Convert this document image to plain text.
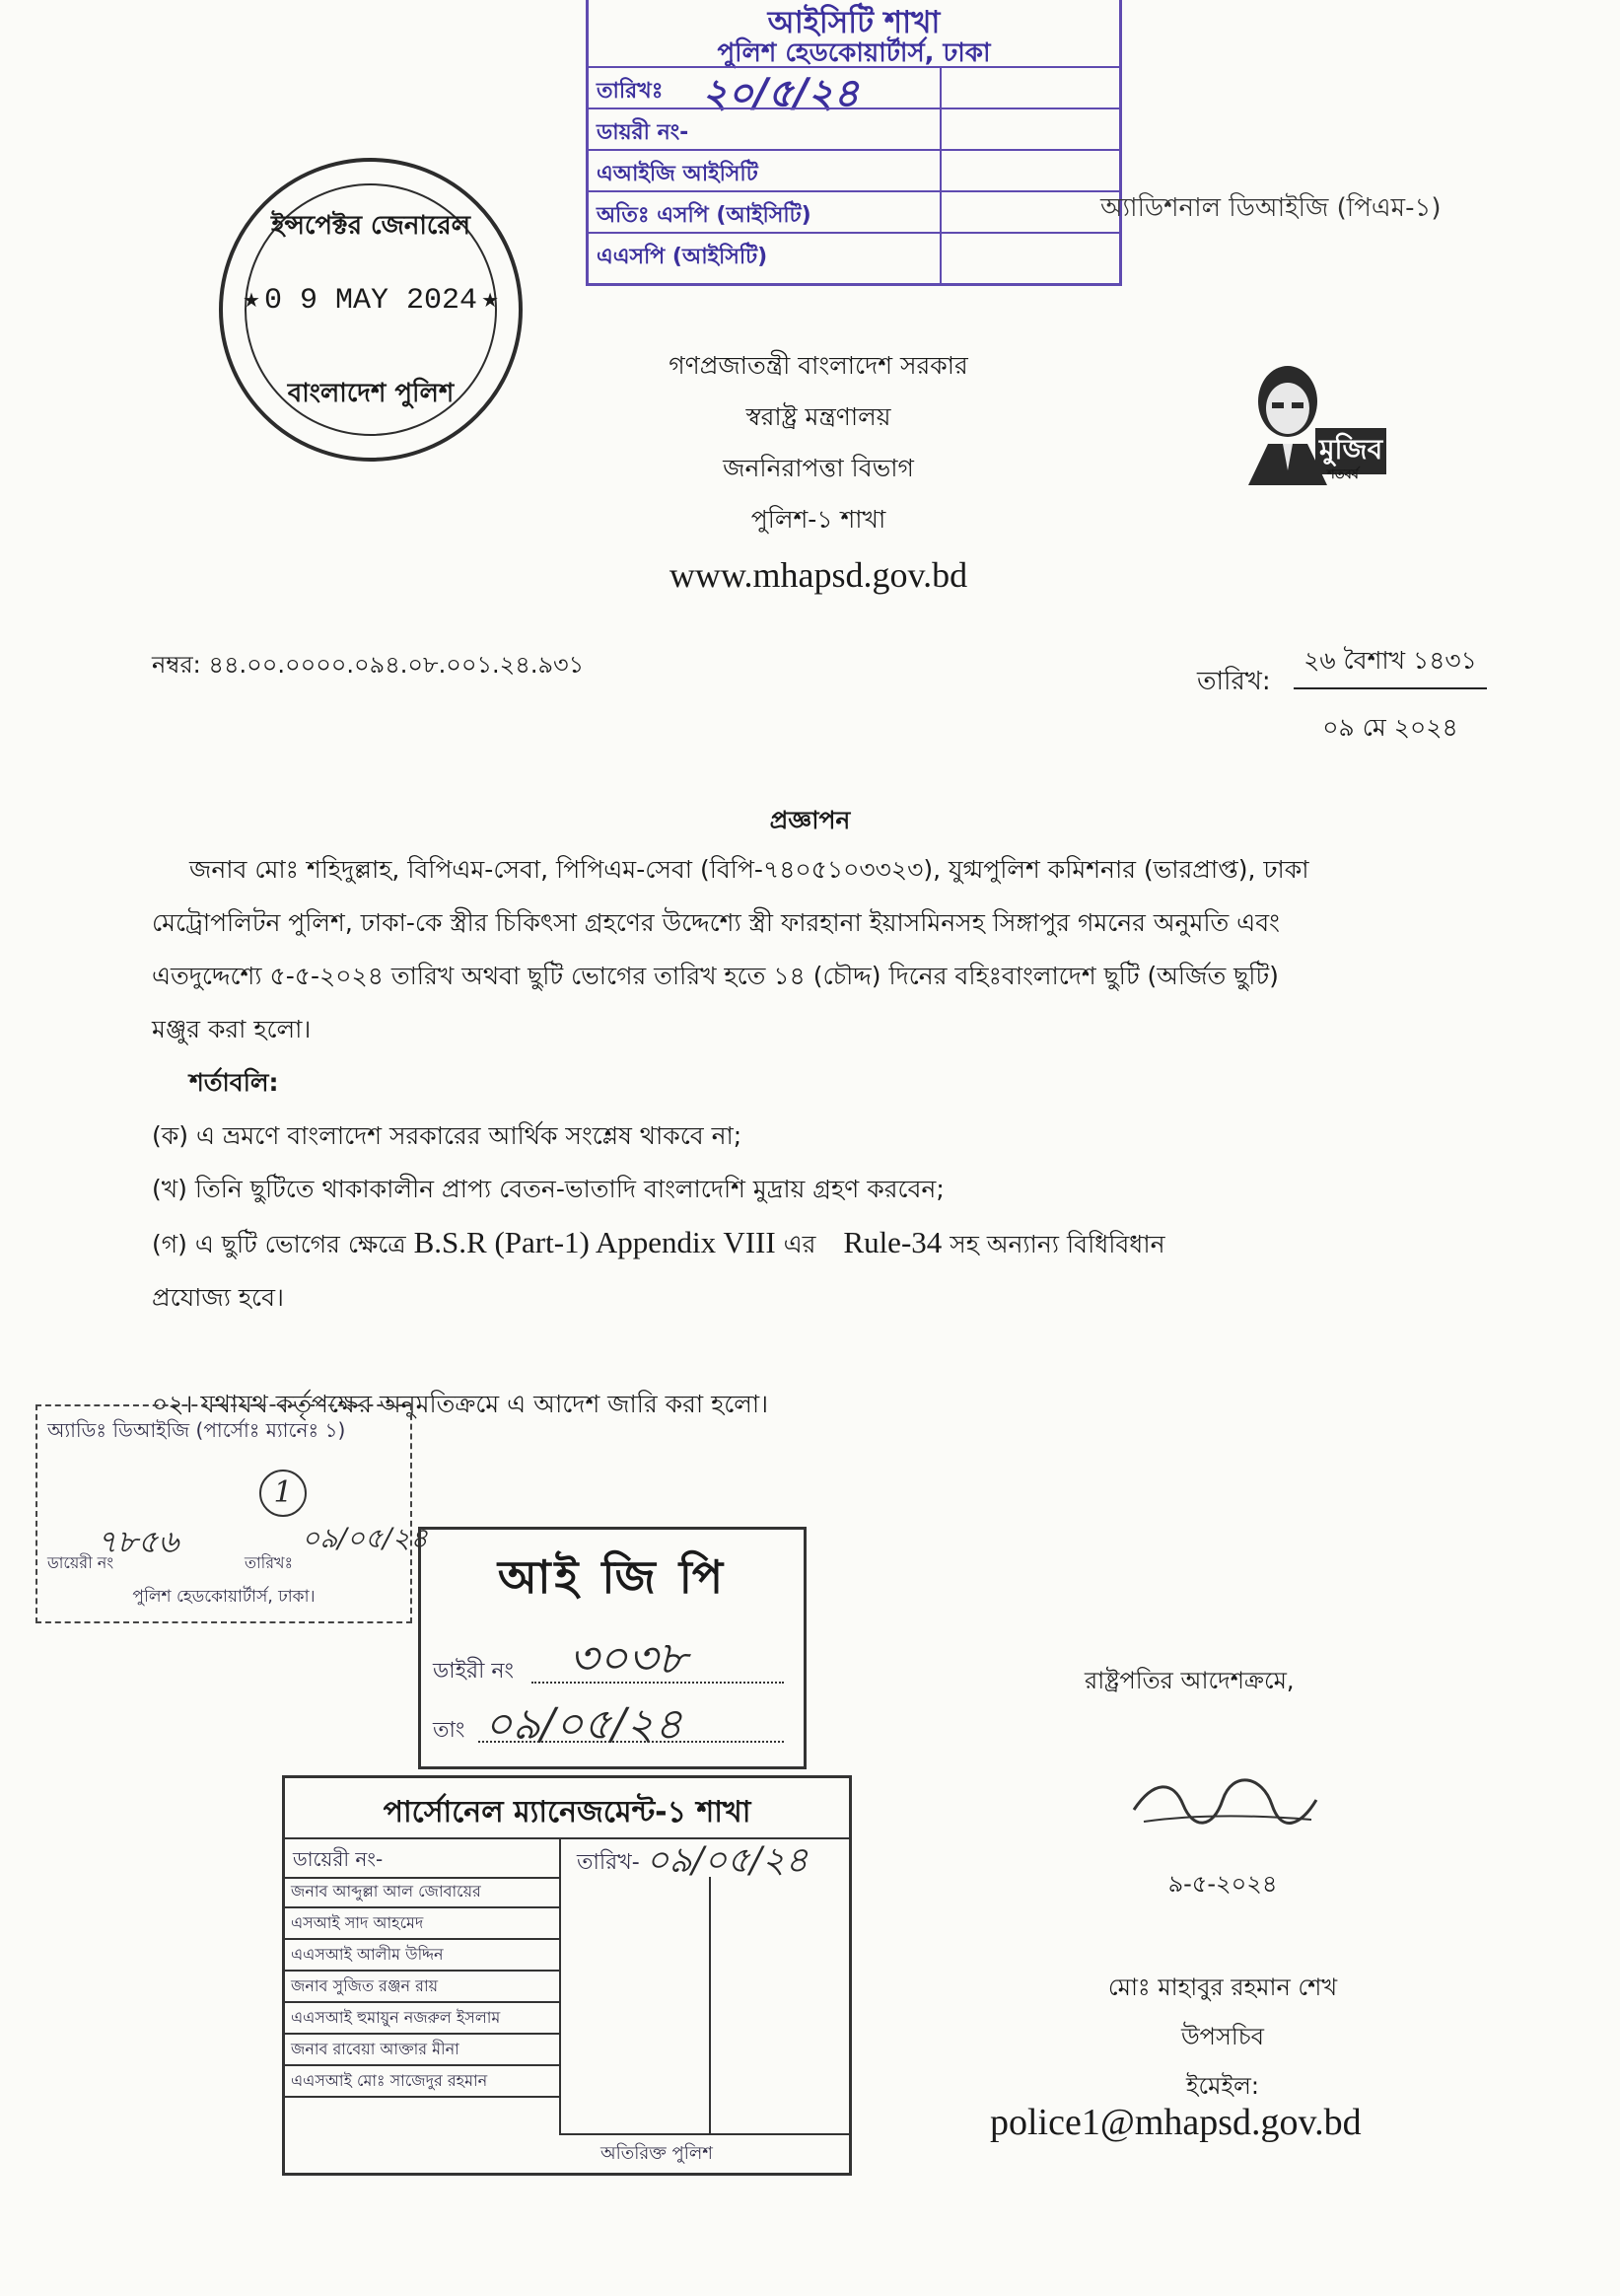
আইসিটি শাখা
পুলিশ হেডকোয়ার্টার্স, ঢাকা
তারিখঃ ২০/৫/২৪
ডায়রী নং-
এআইজি আইসিটি
অতিঃ এসপি (আইসিটি)
এএসপি (আইসিটি)
ইন্সপেক্টর জেনারেল
0 9 MAY 2024
★	★
বাংলাদেশ পুলিশ
অ্যাডিশনাল ডিআইজি (পিএম-১)
গণপ্রজাতন্ত্রী বাংলাদেশ সরকার
স্বরাষ্ট্র মন্ত্রণালয়
জননিরাপত্তা বিভাগ
পুলিশ-১ শাখা
www.mhapsd.gov.bd
মুজিব
শতবর্ষ
নম্বর: ৪৪.০০.০০০০.০৯৪.০৮.০০১.২৪.৯৩১
তারিখ:
২৬ বৈশাখ ১৪৩১
০৯ মে ২০২৪
প্রজ্ঞাপন
জনাব মোঃ শহিদুল্লাহ, বিপিএম-সেবা, পিপিএম-সেবা (বিপি-৭৪০৫১০৩৩২৩), যুগ্মপুলিশ কমিশনার (ভারপ্রাপ্ত), ঢাকা
মেট্রোপলিটন পুলিশ, ঢাকা-কে স্ত্রীর চিকিৎসা গ্রহণের উদ্দেশ্যে স্ত্রী ফারহানা ইয়াসমিনসহ সিঙ্গাপুর গমনের অনুমতি এবং
এতদুদ্দেশ্যে ৫-৫-২০২৪ তারিখ অথবা ছুটি ভোগের তারিখ হতে ১৪ (চৌদ্দ) দিনের বহিঃবাংলাদেশ ছুটি (অর্জিত ছুটি)
মঞ্জুর করা হলো।
শর্তাবলি:
(ক) এ ভ্রমণে বাংলাদেশ সরকারের আর্থিক সংশ্লেষ থাকবে না;
(খ) তিনি ছুটিতে থাকাকালীন প্রাপ্য বেতন-ভাতাদি বাংলাদেশি মুদ্রায় গ্রহণ করবেন;
(গ) এ ছুটি ভোগের ক্ষেত্রে B.S.R (Part-1) Appendix VIII এর Rule-34 সহ অন্যান্য বিধিবিধান
প্রযোজ্য হবে।
০২। যথাযথ কর্তৃপক্ষের অনুমতিক্রমে এ আদেশ জারি করা হলো।
অ্যাডিঃ ডিআইজি (পার্সোঃ ম্যানেঃ ১)
1
৭৮৫৬	০৯/০৫/২৪
ডায়েরী নং	তারিখঃ
পুলিশ হেডকোয়ার্টার্স, ঢাকা।	আই জি পি
ডাইরী নং ৩০৩৮
তাং ০৯/০৫/২৪
পার্সোনেল ম্যানেজমেন্ট-১ শাখা
ডায়েরী নং-	তারিখ- ০৯/০৫/২৪
জনাব আব্দুল্লা আল জোবায়ের
এসআই সাদ আহমেদ
এএসআই আলীম উদ্দিন
জনাব সুজিত রঞ্জন রায়
এএসআই হুমায়ুন নজরুল ইসলাম
জনাব রাবেয়া আক্তার মীনা
এএসআই মোঃ সাজেদুর রহমান
অতিরিক্ত পুলিশ
রাষ্ট্রপতির আদেশক্রমে,
৯-৫-২০২৪
মোঃ মাহাবুর রহমান শেখ
উপসচিব
ইমেইল:
police1@mhapsd.gov.bd
